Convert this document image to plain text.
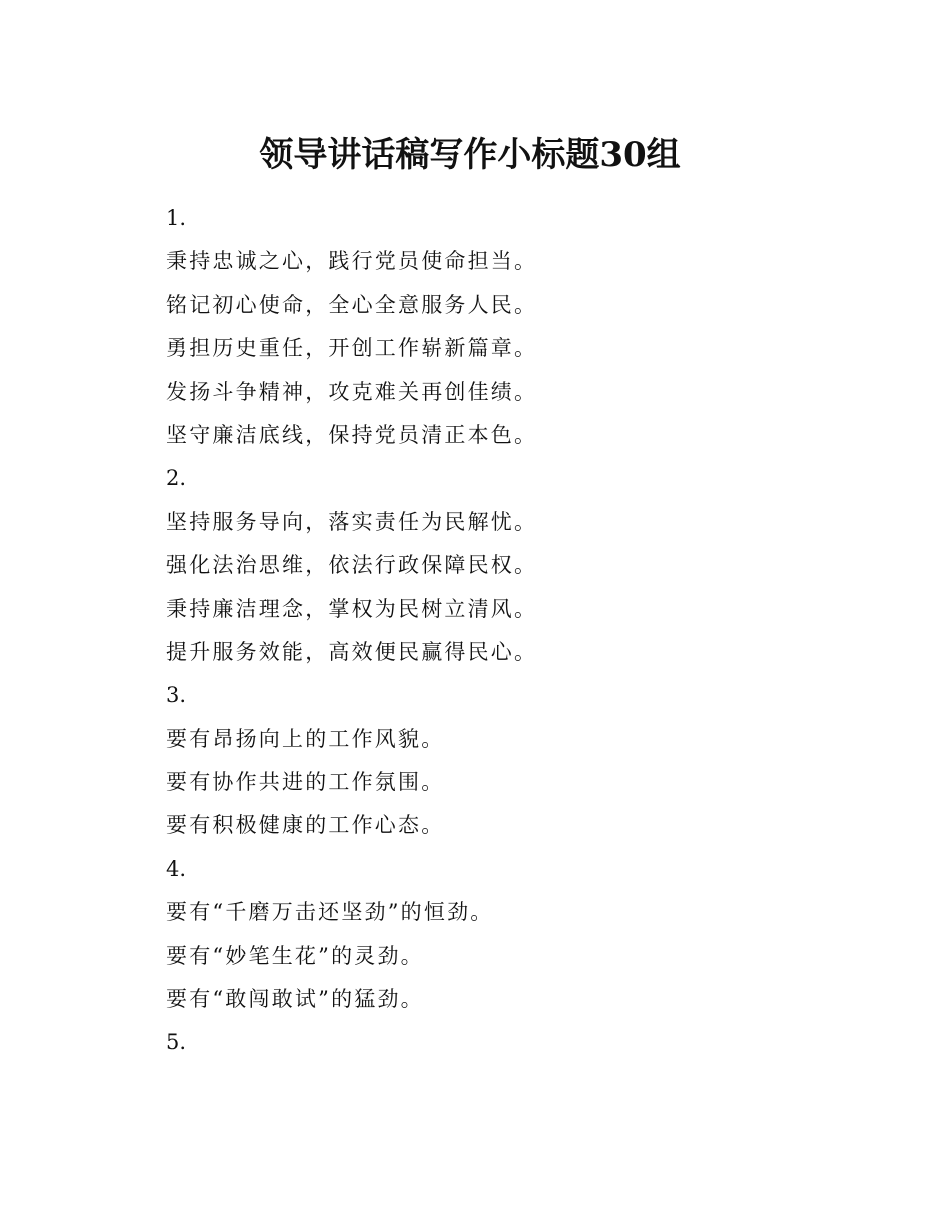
领导讲话稿写作小标题30组
1.
秉持忠诚之心，践行党员使命担当。
铭记初心使命，全心全意服务人民。
勇担历史重任，开创工作崭新篇章。
发扬斗争精神，攻克难关再创佳绩。
坚守廉洁底线，保持党员清正本色。
2.
坚持服务导向，落实责任为民解忧。
强化法治思维，依法行政保障民权。
秉持廉洁理念，掌权为民树立清风。
提升服务效能，高效便民赢得民心。
3.
要有昂扬向上的工作风貌。
要有协作共进的工作氛围。
要有积极健康的工作心态。
4.
要有“千磨万击还坚劲”的恒劲。
要有“妙笔生花”的灵劲。
要有“敢闯敢试”的猛劲。
5.
